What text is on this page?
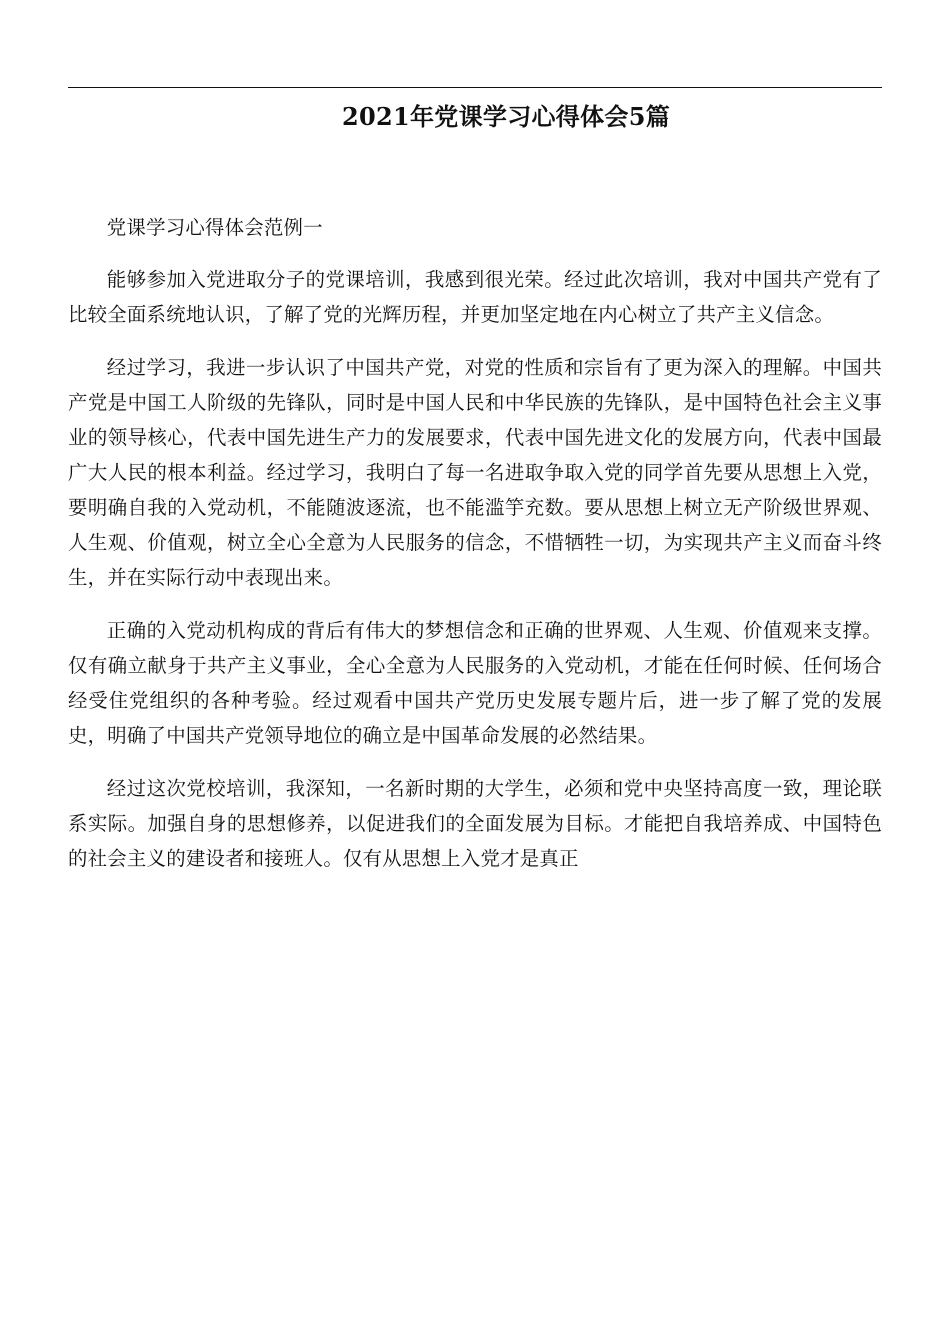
2021年党课学习心得体会5篇

党课学习心得体会范例一

能够参加入党进取分子的党课培训，我感到很光荣。经过此次培训，我对中国共产党有了比较全面系统地认识，了解了党的光辉历程，并更加坚定地在内心树立了共产主义信念。

经过学习，我进一步认识了中国共产党，对党的性质和宗旨有了更为深入的理解。中国共产党是中国工人阶级的先锋队，同时是中国人民和中华民族的先锋队，是中国特色社会主义事业的领导核心，代表中国先进生产力的发展要求，代表中国先进文化的发展方向，代表中国最广大人民的根本利益。经过学习，我明白了每一名进取争取入党的同学首先要从思想上入党，要明确自我的入党动机，不能随波逐流，也不能滥竽充数。要从思想上树立无产阶级世界观、人生观、价值观，树立全心全意为人民服务的信念，不惜牺牲一切，为实现共产主义而奋斗终生，并在实际行动中表现出来。

正确的入党动机构成的背后有伟大的梦想信念和正确的世界观、人生观、价值观来支撑。仅有确立献身于共产主义事业，全心全意为人民服务的入党动机，才能在任何时候、任何场合经受住党组织的各种考验。经过观看中国共产党历史发展专题片后，进一步了解了党的发展史，明确了中国共产党领导地位的确立是中国革命发展的必然结果。

经过这次党校培训，我深知，一名新时期的大学生，必须和党中央坚持高度一致，理论联系实际。加强自身的思想修养，以促进我们的全面发展为目标。才能把自我培养成、中国特色的社会主义的建设者和接班人。仅有从思想上入党才是真正
